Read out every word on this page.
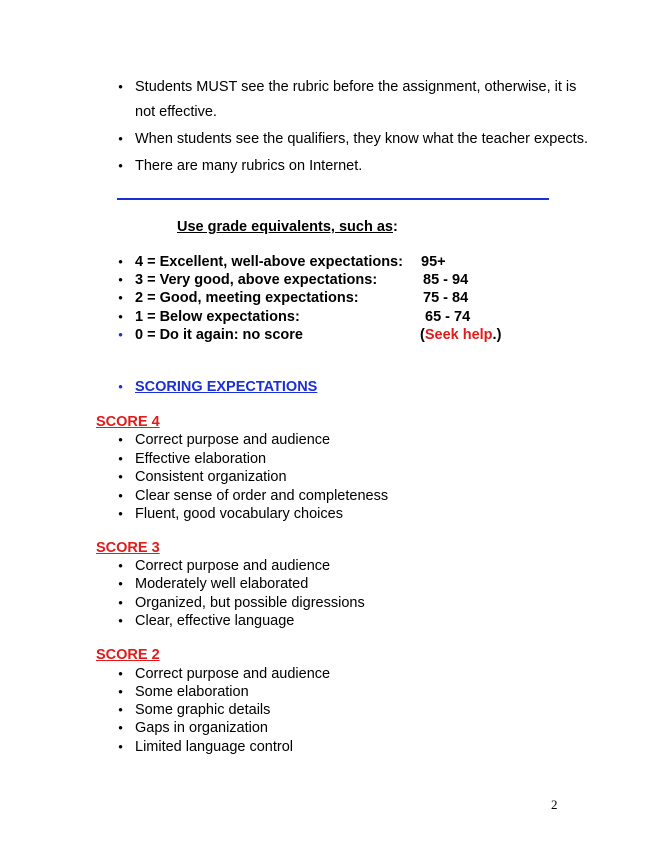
•
Students MUST see the rubric before the assignment, otherwise, it is
not effective.
•
When students see the qualifiers, they know what the teacher expects.
•
There are many rubrics on Internet.
Use grade equivalents, such as:
•
4 = Excellent, well-above expectations: 95+
•
3 = Very good, above expectations:	85 - 94
•
2 = Good, meeting expectations:	75 - 84
•
1 = Below expectations:	65 - 74
•
0 = Do it again: no score	(Seek help.)
•
SCORING EXPECTATIONS
SCORE 4
•
Correct purpose and audience
•
Effective elaboration
•
Consistent organization
•
Clear sense of order and completeness
•
Fluent, good vocabulary choices
SCORE 3
•
Correct purpose and audience
•
Moderately well elaborated
•
Organized, but possible digressions
•
Clear, effective language
SCORE 2
•
Correct purpose and audience
•
Some elaboration
•
Some graphic details
•
Gaps in organization
•
Limited language control
2
